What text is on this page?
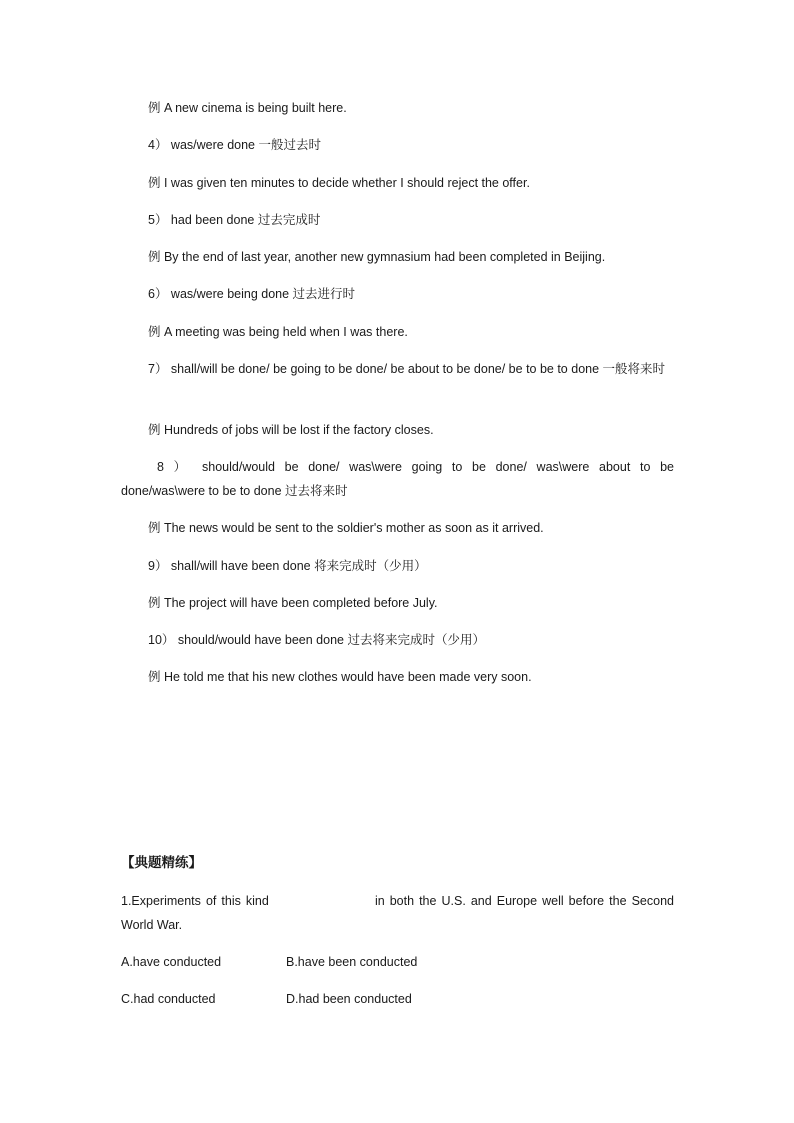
例 A new cinema is being built here.
4） was/were done 一般过去时
例 I was given ten minutes to decide whether I should reject the offer.
5） had been done 过去完成时
例 By the end of last year, another new gymnasium had been completed in Beijing.
6） was/were being done 过去进行时
例 A meeting was being held when I was there.
7） shall/will be done/ be going to be done/ be about to be done/ be to be to done 一般将来时
例 Hundreds of jobs will be lost if the factory closes.
8 ） should/would be done/ was\were going to be done/ was\were about to be done/was\were to be to done 过去将来时
例 The news would be sent to the soldier's mother as soon as it arrived.
9） shall/will have been done 将来完成时（少用）
例 The project will have been completed before July.
10） should/would have been done 过去将来完成时（少用）
例 He told me that his new clothes would have been made very soon.
【典题精练】
1.Experiments of this kind	in both the U.S. and Europe well before the Second World War.
A.have conducted	B.have been conducted
C.had conducted	D.had been conducted
